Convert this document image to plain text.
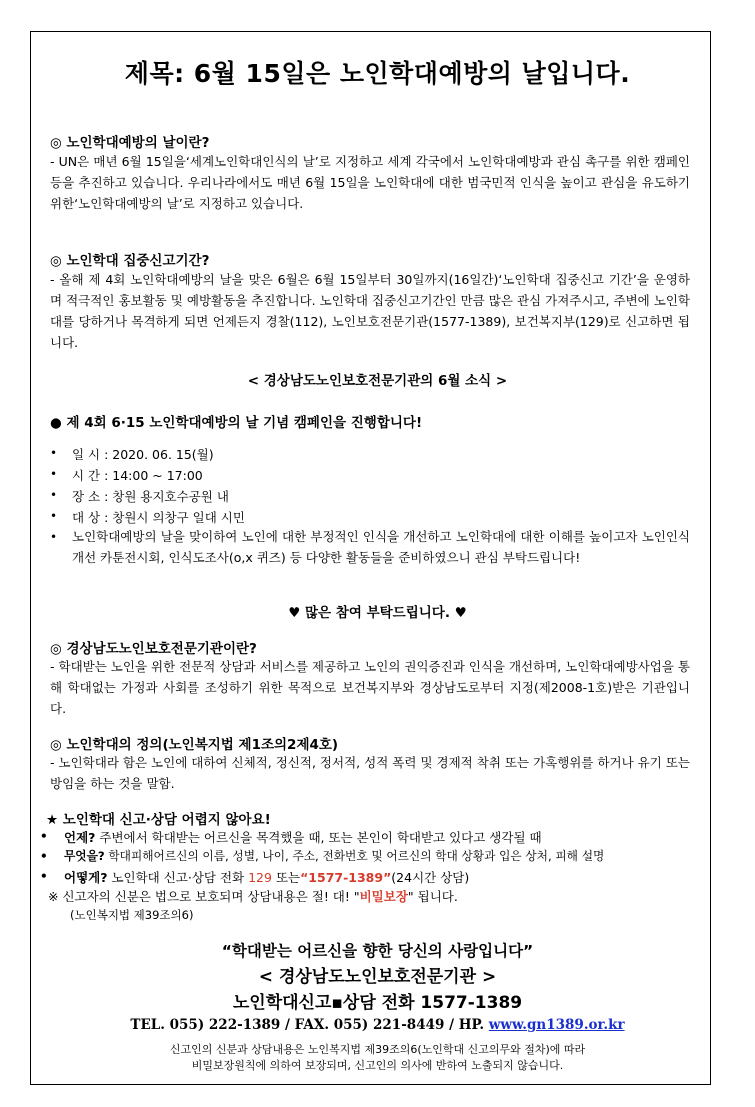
제목: 6월 15일은 노인학대예방의 날입니다.
◎ 노인학대예방의 날이란?
- UN은 매년 6월 15일을‘세계노인학대인식의 날’로 지정하고 세계 각국에서 노인학대예방과 관심 촉구를 위한 캠페인 등을 추진하고 있습니다. 우리나라에서도 매년 6월 15일을 노인학대에 대한 범국민적 인식을 높이고 관심을 유도하기 위한‘노인학대예방의 날’로 지정하고 있습니다.
◎ 노인학대 집중신고기간?
- 올해 제 4회 노인학대예방의 날을 맞은 6월은 6월 15일부터 30일까지(16일간)‘노인학대 집중신고 기간’을 운영하며 적극적인 홍보활동 및 예방활동을 추진합니다. 노인학대 집중신고기간인 만큼 많은 관심 가져주시고, 주변에 노인학대를 당하거나 목격하게 되면 언제든지 경찰(112), 노인보호전문기관(1577-1389), 보건복지부(129)로 신고하면 됩니다.
< 경상남도노인보호전문기관의 6월 소식 >
● 제 4회 6·15 노인학대예방의 날 기념 캠페인을 진행합니다!
• 일 시 : 2020. 06. 15(월)
• 시 간 : 14:00 ~ 17:00
• 장 소 : 창원 용지호수공원 내
• 대 상 : 창원시 의창구 일대 시민
• 노인학대예방의 날을 맞이하여 노인에 대한 부정적인 인식을 개선하고 노인학대에 대한 이해를 높이고자 노인인식개선 카툰전시회, 인식도조사(o,x 퀴즈) 등 다양한 활동들을 준비하였으니 관심 부탁드립니다!
♥ 많은 참여 부탁드립니다. ♥
◎ 경상남도노인보호전문기관이란?
- 학대받는 노인을 위한 전문적 상담과 서비스를 제공하고 노인의 권익증진과 인식을 개선하며, 노인학대예방사업을 통해 학대없는 가정과 사회를 조성하기 위한 목적으로 보건복지부와 경상남도로부터 지정(제2008-1호)받은 기관입니다.
◎ 노인학대의 정의(노인복지법 제1조의2제4호)
- 노인학대라 함은 노인에 대하여 신체적, 정신적, 정서적, 성적 폭력 및 경제적 착취 또는 가혹행위를 하거나 유기 또는 방임을 하는 것을 말함.
★ 노인학대 신고·상담 어렵지 않아요!
• 언제? 주변에서 학대받는 어르신을 목격했을 때, 또는 본인이 학대받고 있다고 생각될 때
• 무엇을? 학대피해어르신의 이름, 성별, 나이, 주소, 전화번호 및 어르신의 학대 상황과 입은 상처, 피해 설명
• 어떻게? 노인학대 신고·상담 전화 129 또는“1577-1389”(24시간 상담)
※ 신고자의 신분은 법으로 보호되며 상담내용은 절! 대! "비밀보장" 됩니다.
(노인복지법 제39조의6)
“학대받는 어르신을 향한 당신의 사랑입니다”
< 경상남도노인보호전문기관 >
노인학대신고▪상담 전화 1577-1389
TEL. 055) 222-1389 / FAX. 055) 221-8449 / HP. www.gn1389.or.kr
신고인의 신분과 상담내용은 노인복지법 제39조의6(노인학대 신고의무와 절차)에 따라
비밀보장원칙에 의하여 보장되며, 신고인의 의사에 반하여 노출되지 않습니다.
